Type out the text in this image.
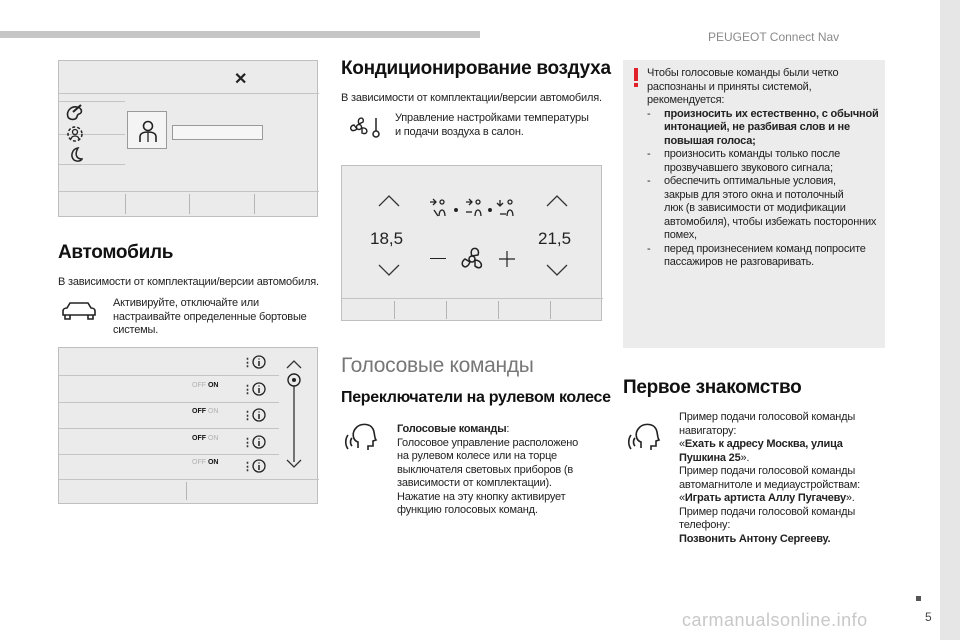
PEUGEOT Connect Nav
carmanualsonline.info
✕
Автомобиль
В зависимости от комплектации/версии автомобиля.
Активируйте, отключайте или
настраивайте определенные бортовые
системы.
⋮
OFF ON ⋮
OFF ON ⋮
OFF ON ⋮
OFF ON ⋮
Кондиционирование воздуха
В зависимости от комплектации/версии автомобиля.
Управление настройками температуры
и подачи воздуха в салон.
18,5	21,5
Голосовые команды
Переключатели на рулевом колесе
Голосовые команды:
Голосовое управление расположено
на рулевом колесе или на торце
выключателя световых приборов (в
зависимости от комплектации).
Нажатие на эту кнопку активирует
функцию голосовых команд.
Чтобы голосовые команды были четко
распознаны и приняты системой,
рекомендуется:
-	произносить их естественно, с обычной
интонацией, не разбивая слов и не
повышая голоса;
-	произносить команды только после
прозвучавшего звукового сигнала;
-	обеспечить оптимальные условия,
закрыв для этого окна и потолочный
люк (в зависимости от модификации
автомобиля), чтобы избежать посторонних
помех,
-	перед произнесением команд попросите
пассажиров не разговаривать.
Первое знакомство
Пример подачи голосовой команды
навигатору:
«Ехать к адресу Москва, улица
Пушкина 25».
Пример подачи голосовой команды
автомагнитоле и медиаустройствам:
«Играть артиста Аллу Пугачеву».
Пример подачи голосовой команды
телефону:
Позвонить Антону Сергееву.
5
